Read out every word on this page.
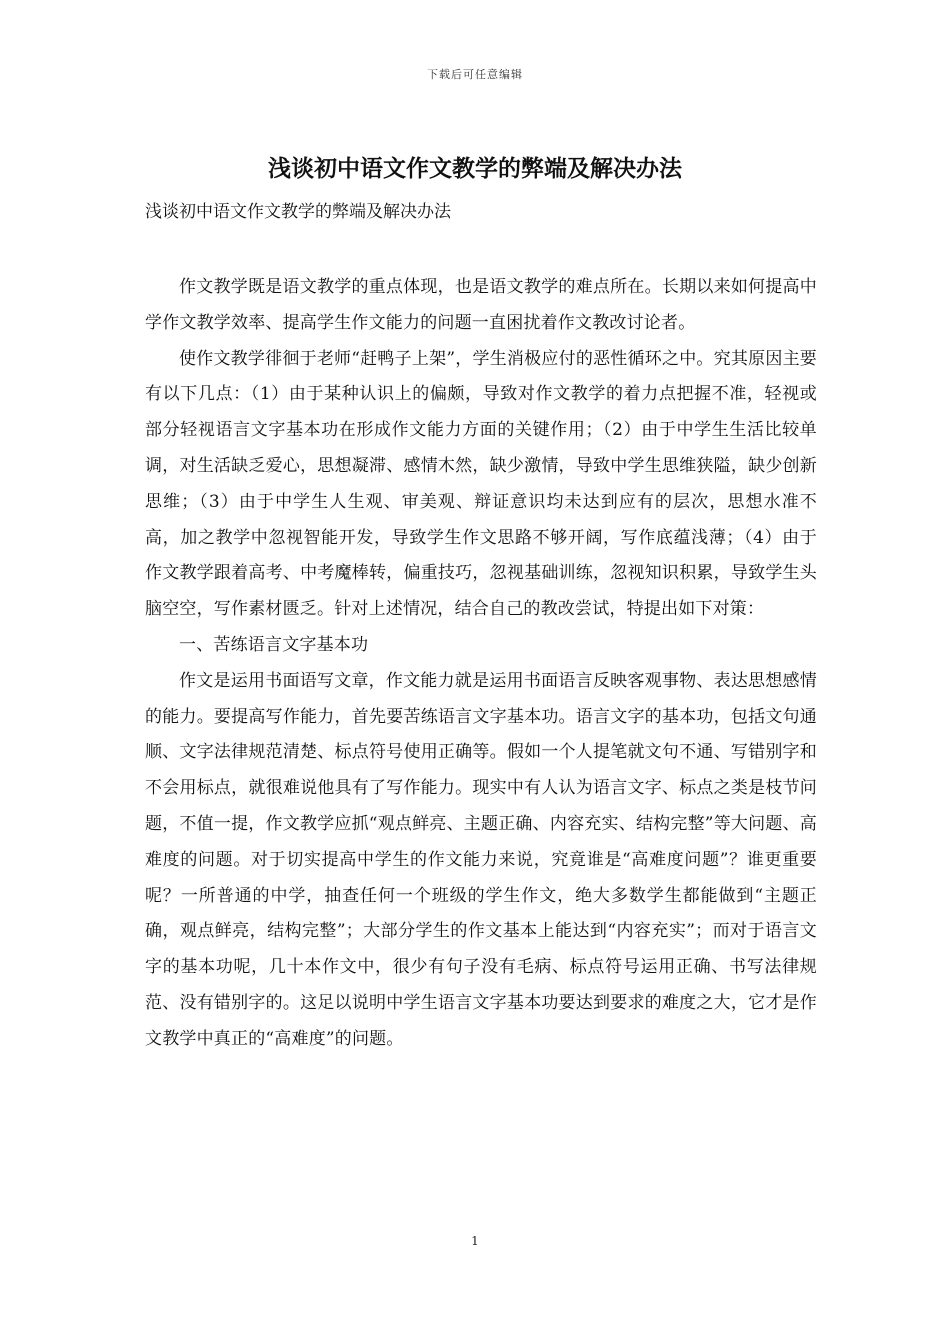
下载后可任意编辑
浅谈初中语文作文教学的弊端及解决办法

浅谈初中语文作文教学的弊端及解决办法

作文教学既是语文教学的重点体现，也是语文教学的难点所在。长期以来如何提高中学作文教学效率、提高学生作文能力的问题一直困扰着作文教改讨论者。

使作文教学徘徊于老师“赶鸭子上架”，学生消极应付的恶性循环之中。究其原因主要有以下几点：（1）由于某种认识上的偏颇，导致对作文教学的着力点把握不准，轻视或部分轻视语言文字基本功在形成作文能力方面的关键作用；（2）由于中学生生活比较单调，对生活缺乏爱心，思想凝滞、感情木然，缺少激情，导致中学生思维狭隘，缺少创新思维；（3）由于中学生人生观、审美观、辩证意识均未达到应有的层次，思想水准不高，加之教学中忽视智能开发，导致学生作文思路不够开阔，写作底蕴浅薄；（4）由于作文教学跟着高考、中考魔棒转，偏重技巧，忽视基础训练，忽视知识积累，导致学生头脑空空，写作素材匮乏。针对上述情况，结合自己的教改尝试，特提出如下对策：

一、苦练语言文字基本功

作文是运用书面语写文章，作文能力就是运用书面语言反映客观事物、表达思想感情的能力。要提高写作能力，首先要苦练语言文字基本功。语言文字的基本功，包括文句通顺、文字法律规范清楚、标点符号使用正确等。假如一个人提笔就文句不通、写错别字和不会用标点，就很难说他具有了写作能力。现实中有人认为语言文字、标点之类是枝节问题，不值一提，作文教学应抓“观点鲜亮、主题正确、内容充实、结构完整”等大问题、高难度的问题。对于切实提高中学生的作文能力来说，究竟谁是“高难度问题”？谁更重要呢？一所普通的中学，抽查任何一个班级的学生作文，绝大多数学生都能做到“主题正确，观点鲜亮，结构完整”；大部分学生的作文基本上能达到“内容充实”；而对于语言文字的基本功呢，几十本作文中，很少有句子没有毛病、标点符号运用正确、书写法律规范、没有错别字的。这足以说明中学生语言文字基本功要达到要求的难度之大，它才是作文教学中真正的“高难度”的问题。

1
